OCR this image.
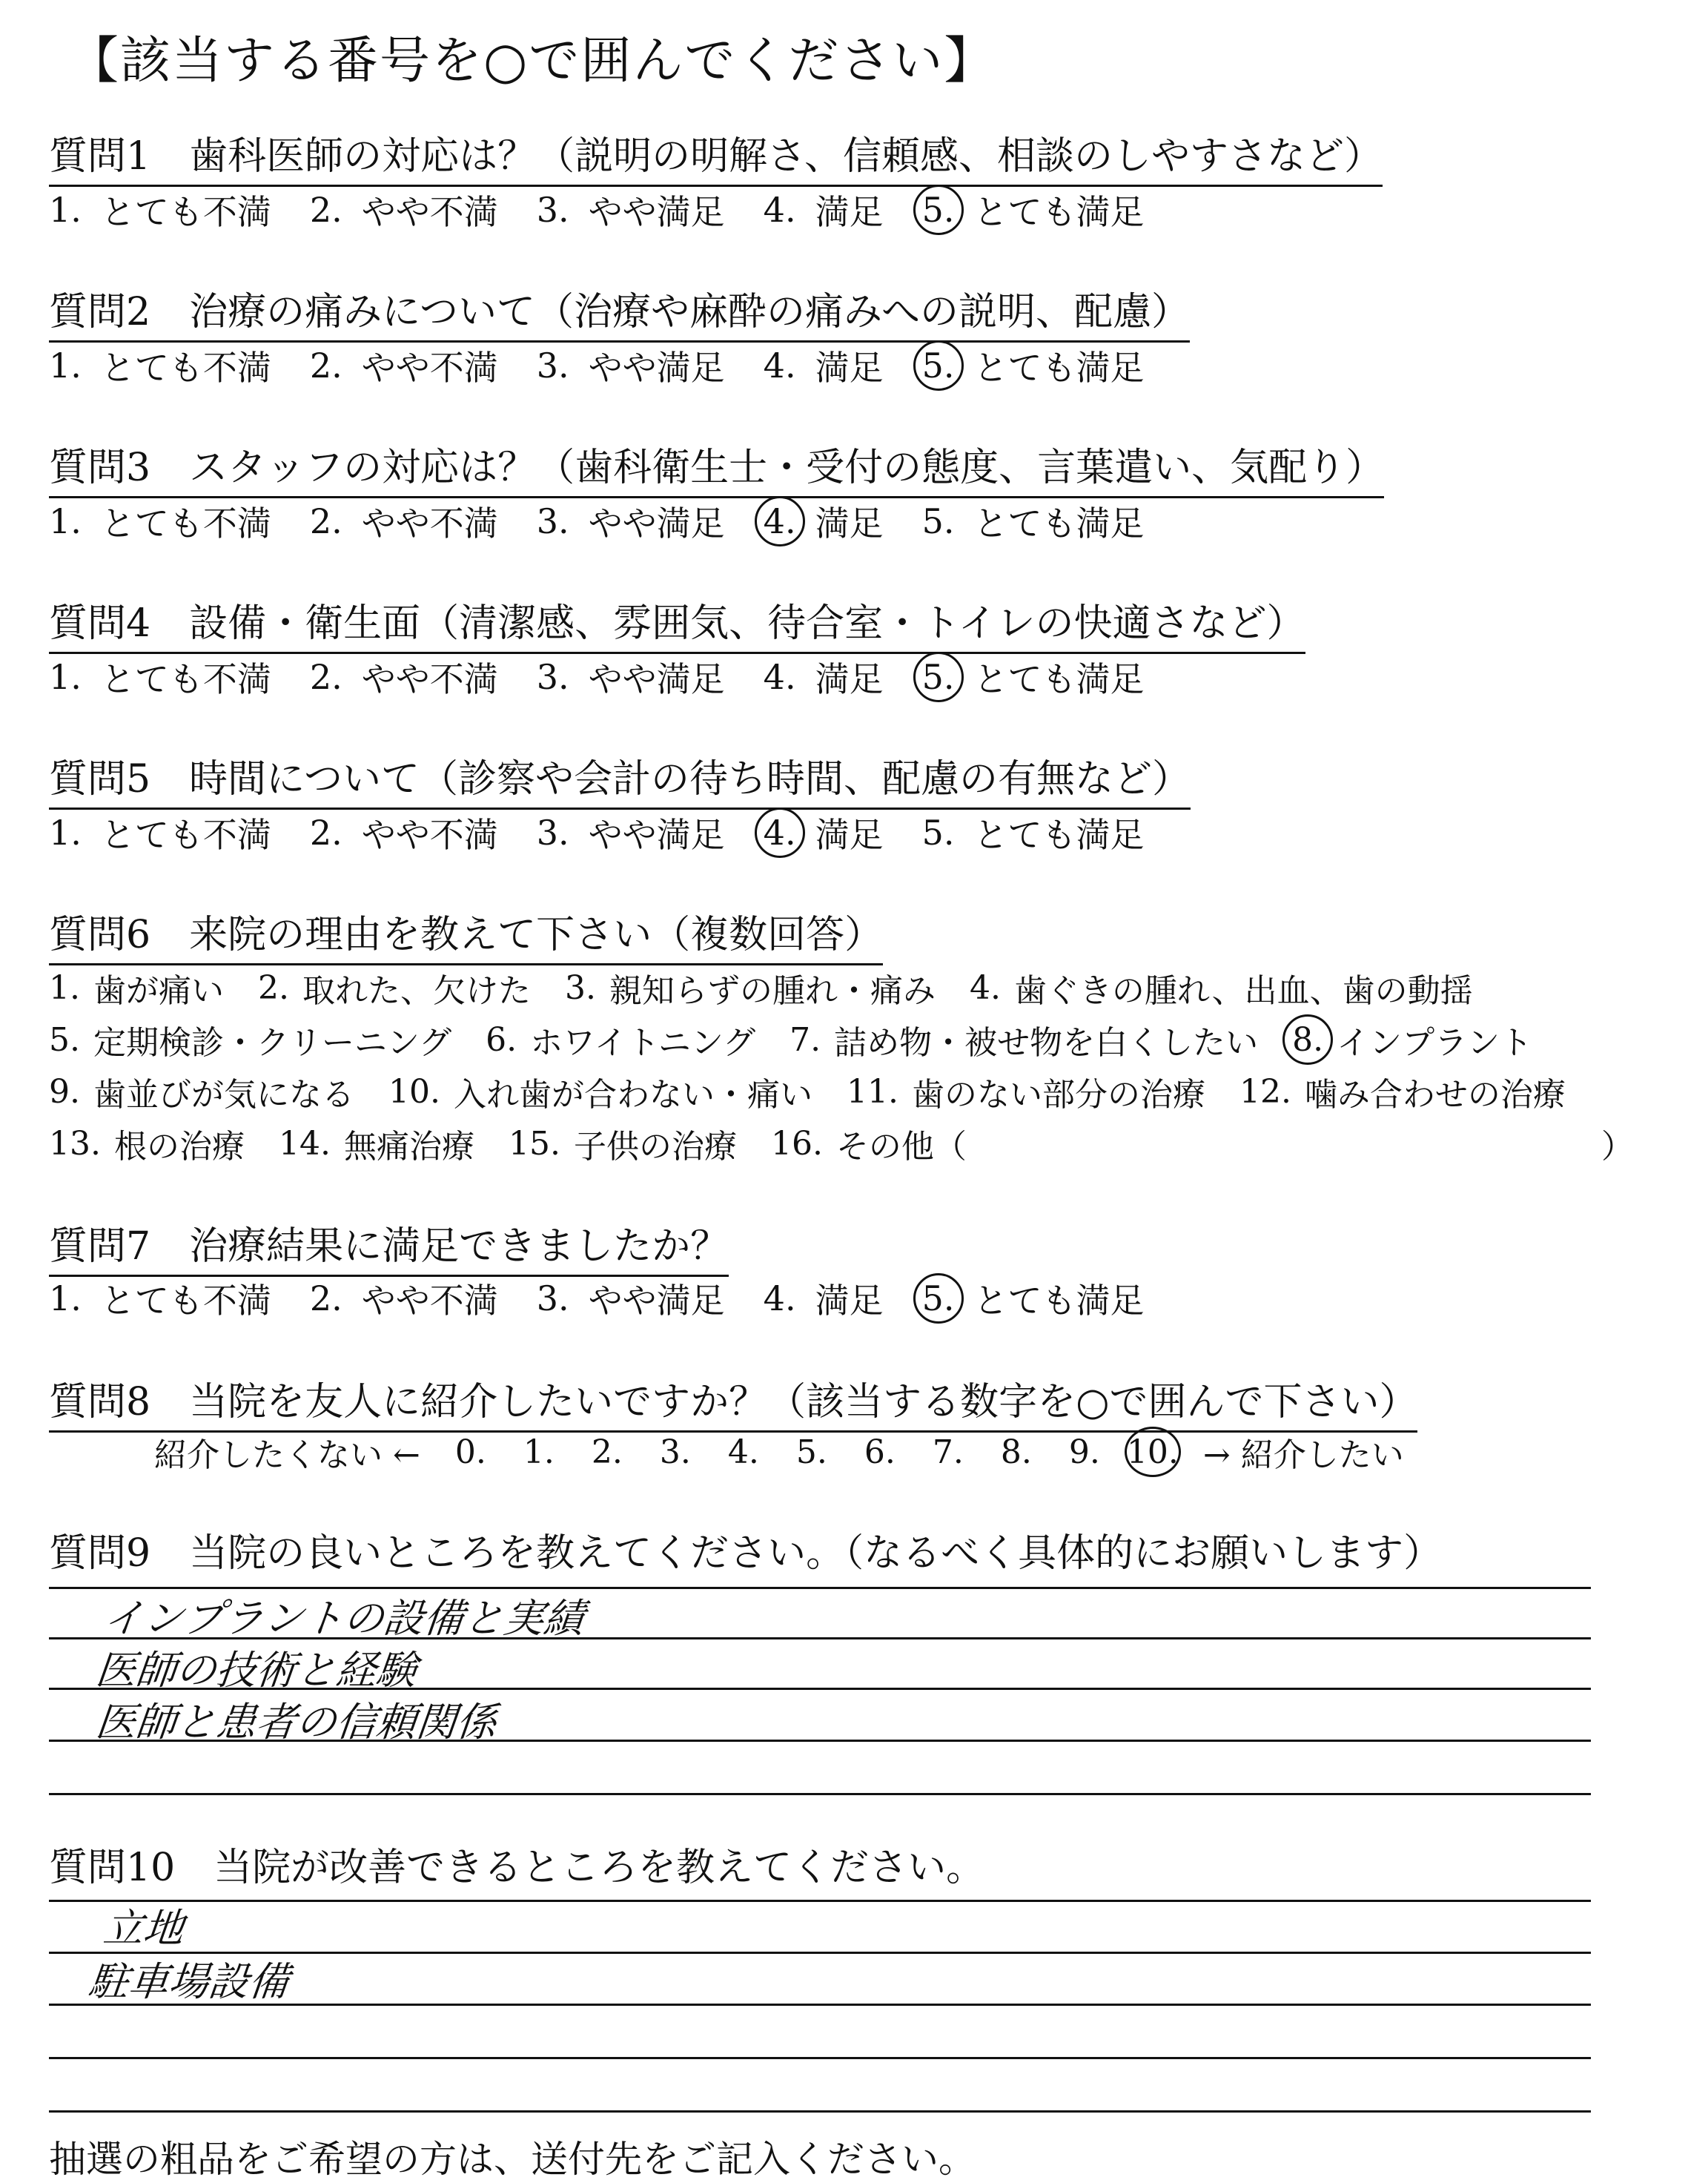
【該当する番号を○で囲んでください】
質問1　歯科医師の対応は？（説明の明解さ、信頼感、相談のしやすさなど）
1. とても不満 2. やや不満 3. やや満足 4. 満足 5. とても満足
質問2　治療の痛みについて（治療や麻酔の痛みへの説明、配慮）
1. とても不満 2. やや不満 3. やや満足 4. 満足 5. とても満足
質問3　スタッフの対応は？（歯科衛生士・受付の態度、言葉遣い、気配り）
1. とても不満 2. やや不満 3. やや満足 4. 満足 5. とても満足
質問4　設備・衛生面（清潔感、雰囲気、待合室・トイレの快適さなど）
1. とても不満 2. やや不満 3. やや満足 4. 満足 5. とても満足
質問5　時間について（診察や会計の待ち時間、配慮の有無など）
1. とても不満 2. やや不満 3. やや満足 4. 満足 5. とても満足
質問6　来院の理由を教えて下さい（複数回答）
1. 歯が痛い 2. 取れた、欠けた 3. 親知らずの腫れ・痛み 4. 歯ぐきの腫れ、出血、歯の動揺
5. 定期検診・クリーニング 6. ホワイトニング 7. 詰め物・被せ物を白くしたい 8. インプラント
9. 歯並びが気になる 10. 入れ歯が合わない・痛い 11. 歯のない部分の治療 12. 噛み合わせの治療
13. 根の治療 14. 無痛治療 15. 子供の治療 16. その他（	）
質問7　治療結果に満足できましたか？
1. とても不満 2. やや不満 3. やや満足 4. 満足 5. とても満足
質問8　当院を友人に紹介したいですか？（該当する数字を○で囲んで下さい）
紹介したくない ←	0. 1. 2. 3. 4. 5. 6. 7. 8. 9. 10. → 紹介したい
質問9　当院の良いところを教えてください。（なるべく具体的にお願いします）
インプラントの設備と実績
医師の技術と経験
医師と患者の信頼関係
質問10　当院が改善できるところを教えてください。
立地
駐車場設備
抽選の粗品をご希望の方は、送付先をご記入ください。
